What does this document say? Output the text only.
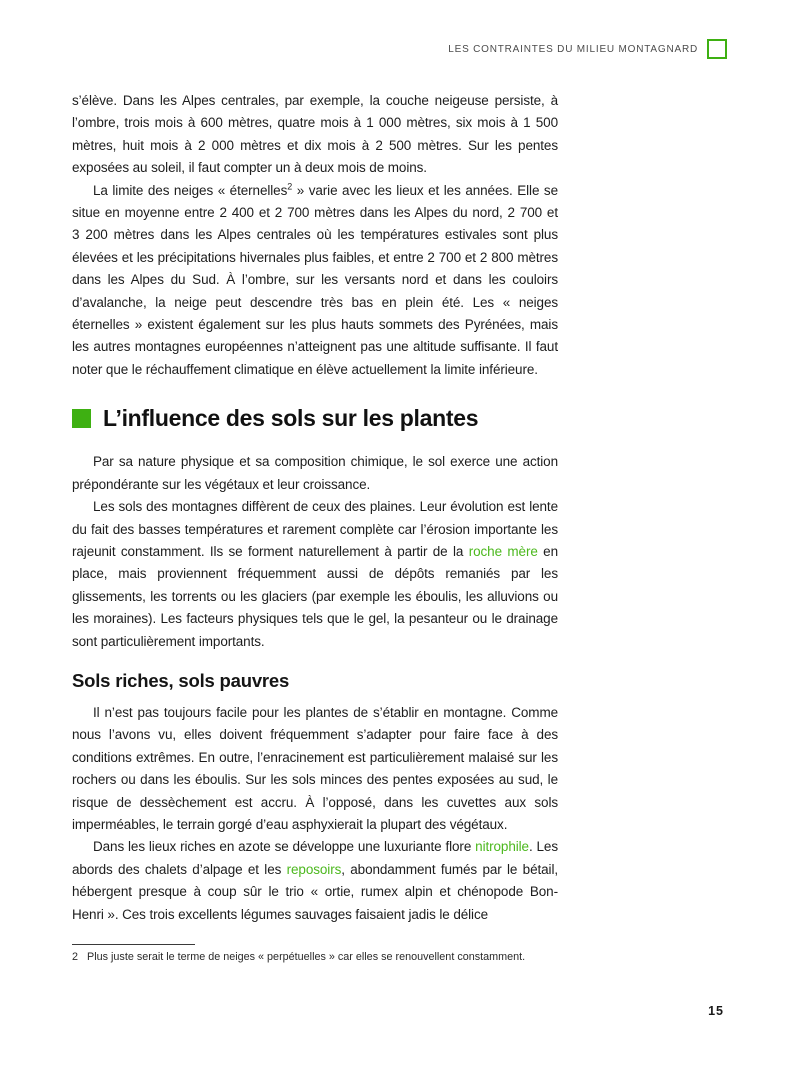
LES CONTRAINTES DU MILIEU MONTAGNARD

s’élève. Dans les Alpes centrales, par exemple, la couche neigeuse persiste, à l’ombre, trois mois à 600 mètres, quatre mois à 1 000 mètres, six mois à 1 500 mètres, huit mois à 2 000 mètres et dix mois à 2 500 mètres. Sur les pentes exposées au soleil, il faut compter un à deux mois de moins.

La limite des neiges « éternelles$^2$ » varie avec les lieux et les années. Elle se situe en moyenne entre 2 400 et 2 700 mètres dans les Alpes du nord, 2 700 et 3 200 mètres dans les Alpes centrales où les températures estivales sont plus élevées et les précipitations hivernales plus faibles, et entre 2 700 et 2 800 mètres dans les Alpes du Sud. À l’ombre, sur les versants nord et dans les couloirs d’avalanche, la neige peut descendre très bas en plein été. Les « neiges éternelles » existent également sur les plus hauts sommets des Pyrénées, mais les autres montagnes européennes n’atteignent pas une altitude suffisante. Il faut noter que le réchauffement climatique en élève actuellement la limite inférieure.

L’influence des sols sur les plantes

Par sa nature physique et sa composition chimique, le sol exerce une action prépondérante sur les végétaux et leur croissance.

Les sols des montagnes diffèrent de ceux des plaines. Leur évolution est lente du fait des basses températures et rarement complète car l’érosion importante les rajeunit constamment. Ils se forment naturellement à partir de la roche mère en place, mais proviennent fréquemment aussi de dépôts remaniés par les glissements, les torrents ou les glaciers (par exemple les éboulis, les alluvions ou les moraines). Les facteurs physiques tels que le gel, la pesanteur ou le drainage sont particulièrement importants.

Sols riches, sols pauvres

Il n’est pas toujours facile pour les plantes de s’établir en montagne. Comme nous l’avons vu, elles doivent fréquemment s’adapter pour faire face à des conditions extrêmes. En outre, l’enracinement est particulièrement malaisé sur les rochers ou dans les éboulis. Sur les sols minces des pentes exposées au sud, le risque de dessèchement est accru. À l’opposé, dans les cuvettes aux sols imperméables, le terrain gorgé d’eau asphyxierait la plupart des végétaux.

Dans les lieux riches en azote se développe une luxuriante flore nitrophile. Les abords des chalets d’alpage et les reposoirs, abondamment fumés par le bétail, hébergent presque à coup sûr le trio « ortie, rumex alpin et chénopode Bon-Henri ». Ces trois excellents légumes sauvages faisaient jadis le délice

2 Plus juste serait le terme de neiges « perpétuelles » car elles se renouvellent constamment.
15
